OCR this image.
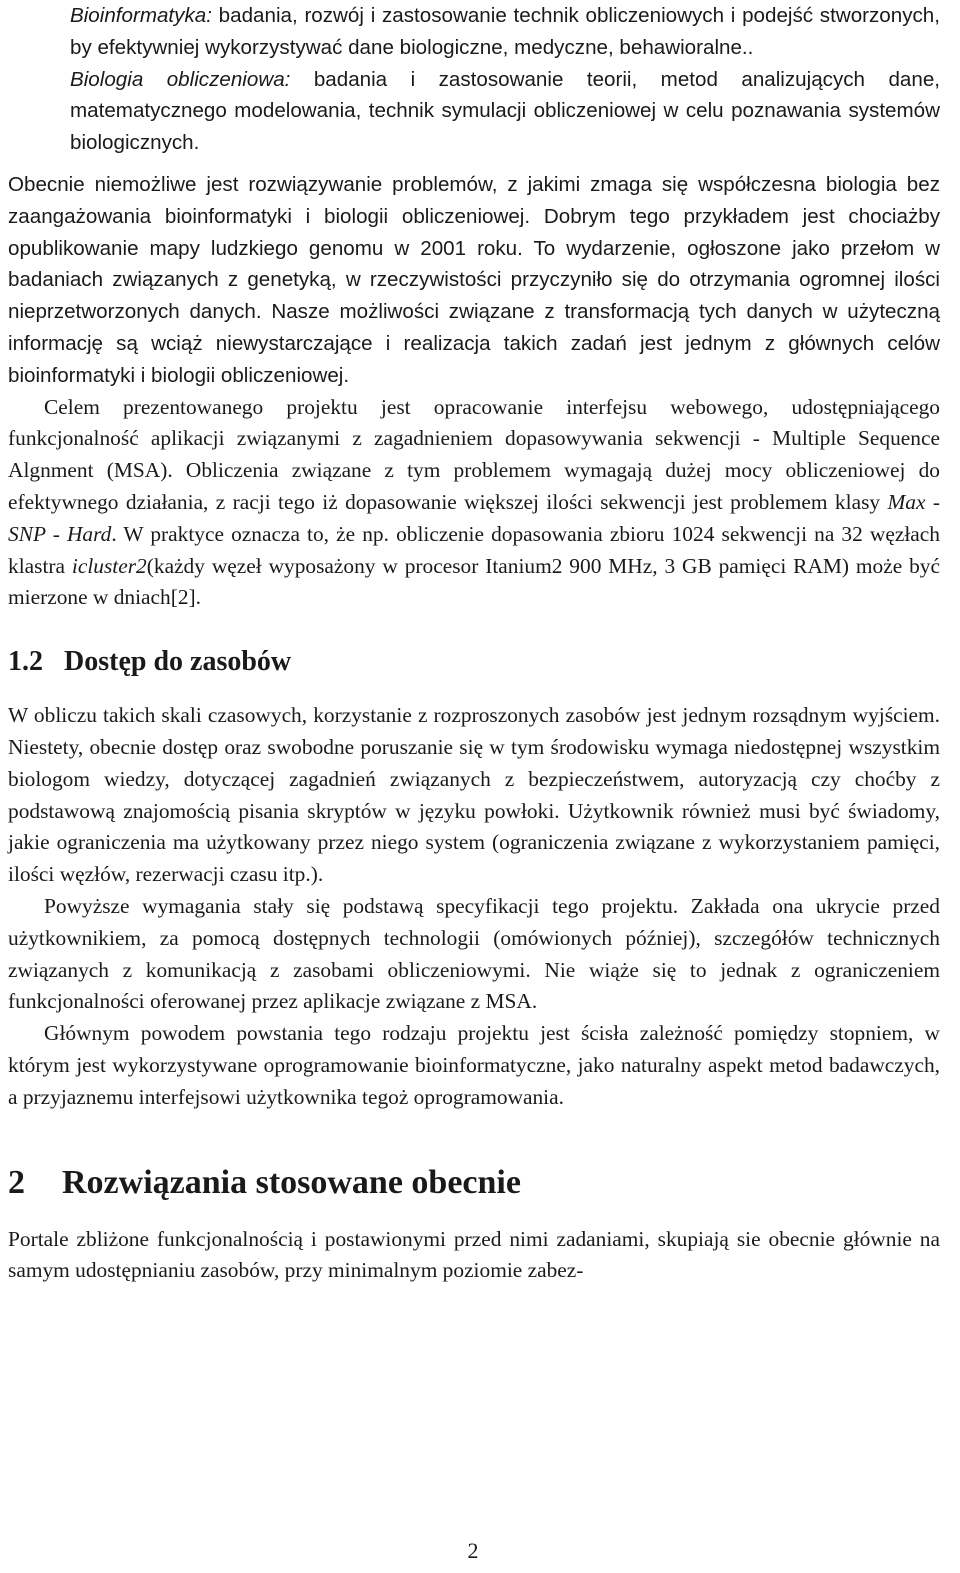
Bioinformatyka: badania, rozwój i zastosowanie technik obliczeniowych i podejść stworzonych, by efektywniej wykorzystywać dane biologiczne, medyczne, behawioralne..

Biologia obliczeniowa: badania i zastosowanie teorii, metod analizujących dane, matematycznego modelowania, technik symulacji obliczeniowej w celu poznawania systemów biologicznych.

Obecnie niemożliwe jest rozwiązywanie problemów, z jakimi zmaga się współczesna biologia bez zaangażowania bioinformatyki i biologii obliczeniowej. Dobrym tego przykładem jest chociażby opublikowanie mapy ludzkiego genomu w 2001 roku. To wydarzenie, ogłoszone jako przełom w badaniach związanych z genetyką, w rzeczywistości przyczyniło się do otrzymania ogromnej ilości nieprzetworzonych danych. Nasze możliwości związane z transformacją tych danych w użyteczną informację są wciąż niewystarczające i realizacja takich zadań jest jednym z głównych celów bioinformatyki i biologii obliczeniowej.

Celem prezentowanego projektu jest opracowanie interfejsu webowego, udostępniającego funkcjonalność aplikacji związanymi z zagadnieniem dopasowywania sekwencji - Multiple Sequence Algnment (MSA). Obliczenia związane z tym problemem wymagają dużej mocy obliczeniowej do efektywnego działania, z racji tego iż dopasowanie większej ilości sekwencji jest problemem klasy Max - SNP - Hard. W praktyce oznacza to, że np. obliczenie dopasowania zbioru 1024 sekwencji na 32 węzłach klastra icluster2(każdy węzeł wyposażony w procesor Itanium2 900 MHz, 3 GB pamięci RAM) może być mierzone w dniach[2].

1.2 Dostęp do zasobów

W obliczu takich skali czasowych, korzystanie z rozproszonych zasobów jest jednym rozsądnym wyjściem. Niestety, obecnie dostęp oraz swobodne poruszanie się w tym środowisku wymaga niedostępnej wszystkim biologom wiedzy, dotyczącej zagadnień związanych z bezpieczeństwem, autoryzacją czy choćby z podstawową znajomością pisania skryptów w języku powłoki. Użytkownik również musi być świadomy, jakie ograniczenia ma użytkowany przez niego system (ograniczenia związane z wykorzystaniem pamięci, ilości węzłów, rezerwacji czasu itp.).

Powyższe wymagania stały się podstawą specyfikacji tego projektu. Zakłada ona ukrycie przed użytkownikiem, za pomocą dostępnych technologii (omówionych później), szczegółów technicznych związanych z komunikacją z zasobami obliczeniowymi. Nie wiąże się to jednak z ograniczeniem funkcjonalności oferowanej przez aplikacje związane z MSA.

Głównym powodem powstania tego rodzaju projektu jest ścisła zależność pomiędzy stopniem, w którym jest wykorzystywane oprogramowanie bioinformatyczne, jako naturalny aspekt metod badawczych, a przyjaznemu interfejsowi użytkownika tegoż oprogramowania.

2 Rozwiązania stosowane obecnie

Portale zbliżone funkcjonalnością i postawionymi przed nimi zadaniami, skupiają sie obecnie głównie na samym udostępnianiu zasobów, przy minimalnym poziomie zabez-

2
